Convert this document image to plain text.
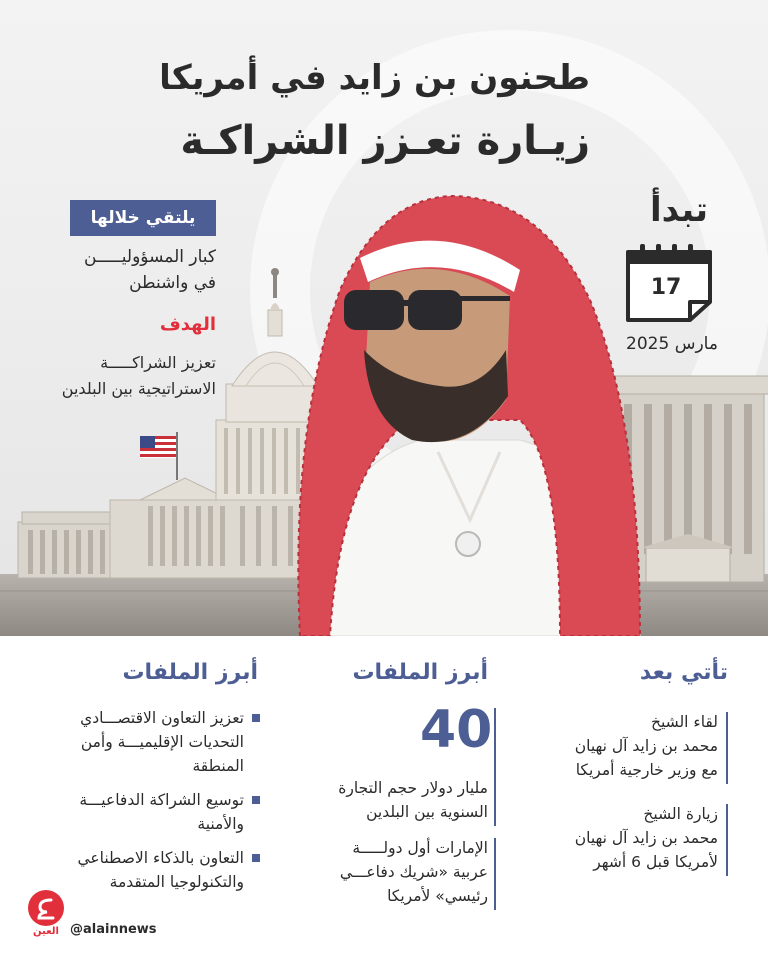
طحنون بن زايد في أمريكا
زيـارة تعـزز الشراكـة
يلتقي خلالها
كبار المسؤوليـــــن
في واشنطن
الهدف
تعزيز الشراكـــــة
الاستراتيجية بين البلدين
تبدأ
17
مارس 2025
تأتي بعد
لقاء الشيخ
محمد بن زايد آل نهيان
مع وزير خارجية أمريكا
زيارة الشيخ
محمد بن زايد آل نهيان
لأمريكا قبل 6 أشهر
أبرز الملفات
40
مليار دولار حجم التجارة
السنوية بين البلدين
الإمارات أول دولـــــة
عربية «شريك دفاعـــي
رئيسي» لأمريكا
أبرز الملفات
تعزيز التعاون الاقتصـــادي
التحديات الإقليميـــة وأمن
المنطقة
توسيع الشراكة الدفاعيـــة
والأمنية
التعاون بالذكاء الاصطناعي
والتكنولوجيا المتقدمة
العين @alainnews
